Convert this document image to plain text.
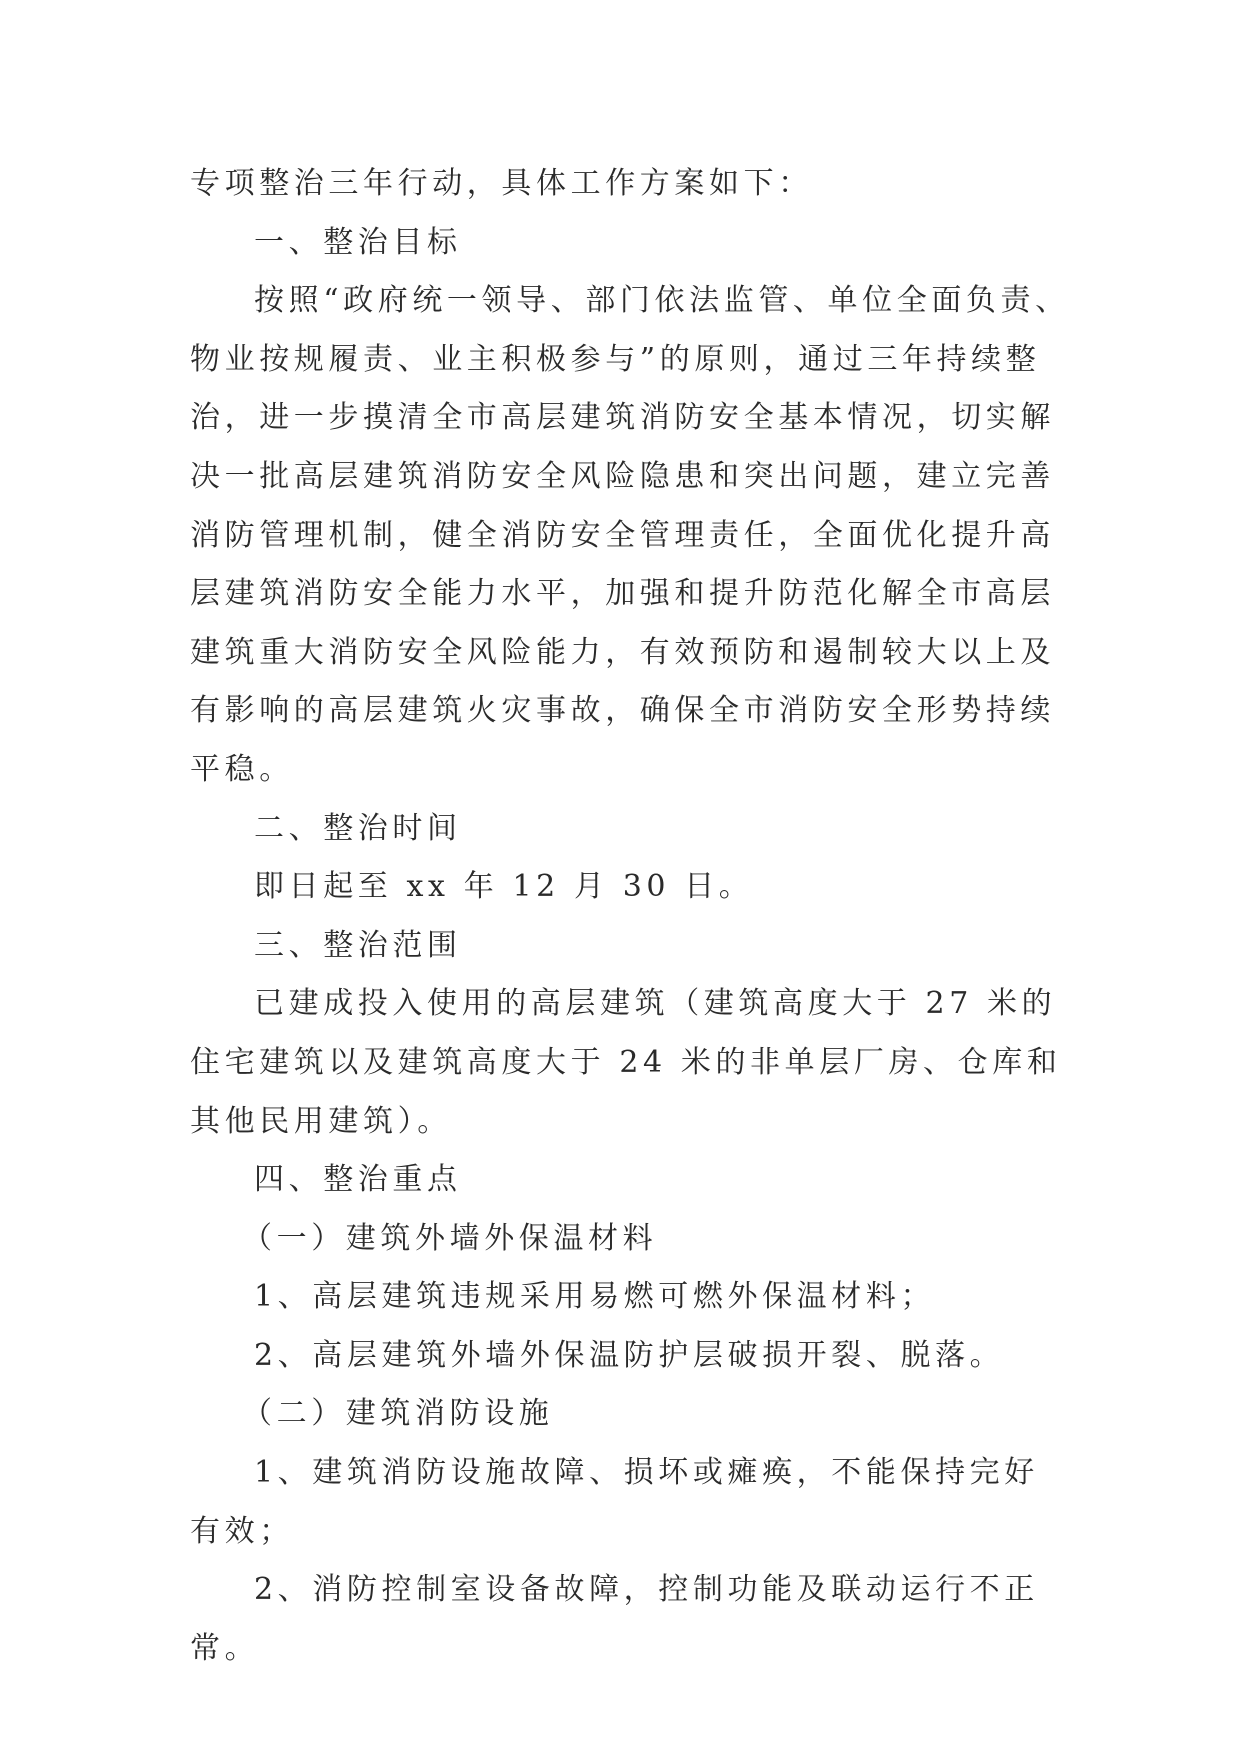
专项整治三年行动，具体工作方案如下：

一、整治目标

按照“政府统一领导、部门依法监管、单位全面负责、物业按规履责、业主积极参与”的原则，通过三年持续整治，进一步摸清全市高层建筑消防安全基本情况，切实解决一批高层建筑消防安全风险隐患和突出问题，建立完善消防管理机制，健全消防安全管理责任，全面优化提升高层建筑消防安全能力水平，加强和提升防范化解全市高层建筑重大消防安全风险能力，有效预防和遏制较大以上及有影响的高层建筑火灾事故，确保全市消防安全形势持续平稳。

二、整治时间

即日起至 xx 年 12 月 30 日。

三、整治范围

已建成投入使用的高层建筑（建筑高度大于 27 米的住宅建筑以及建筑高度大于 24 米的非单层厂房、仓库和其他民用建筑）。

四、整治重点

（一）建筑外墙外保温材料

1、高层建筑违规采用易燃可燃外保温材料；

2、高层建筑外墙外保温防护层破损开裂、脱落。

（二）建筑消防设施

1、建筑消防设施故障、损坏或瘫痪，不能保持完好有效；

2、消防控制室设备故障，控制功能及联动运行不正常。
